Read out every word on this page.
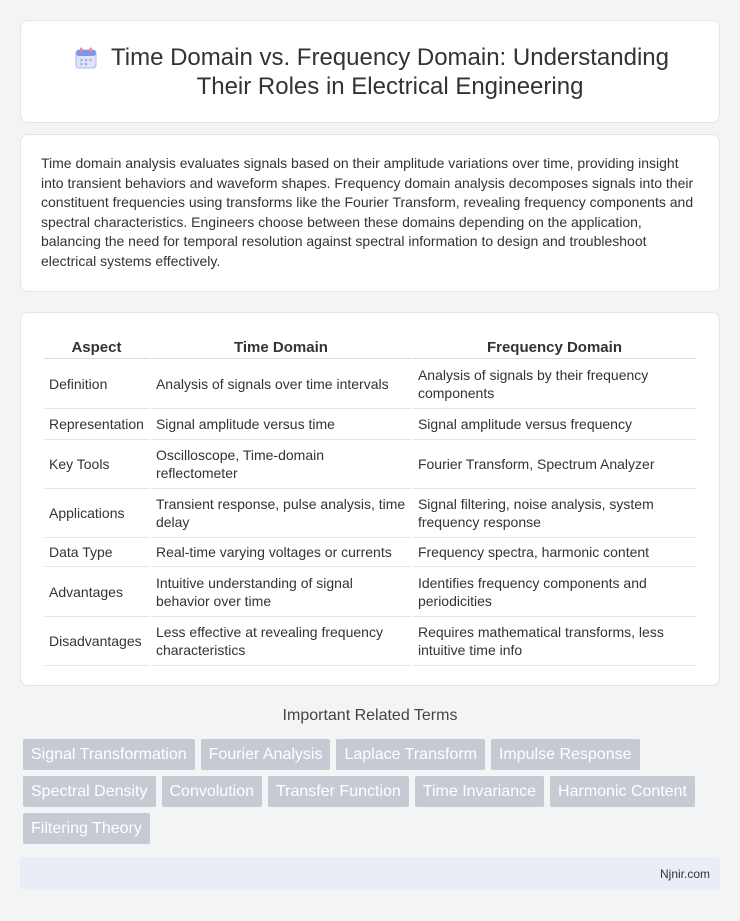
Time Domain vs. Frequency Domain: Understanding Their Roles in Electrical Engineering

Time domain analysis evaluates signals based on their amplitude variations over time, providing insight into transient behaviors and waveform shapes. Frequency domain analysis decomposes signals into their constituent frequencies using transforms like the Fourier Transform, revealing frequency components and spectral characteristics. Engineers choose between these domains depending on the application, balancing the need for temporal resolution against spectral information to design and troubleshoot electrical systems effectively.

Aspect	Time Domain	Frequency Domain
Definition	Analysis of signals over time intervals	Analysis of signals by their frequency components
Representation	Signal amplitude versus time	Signal amplitude versus frequency
Key Tools	Oscilloscope, Time-domain reflectometer	Fourier Transform, Spectrum Analyzer
Applications	Transient response, pulse analysis, time delay	Signal filtering, noise analysis, system frequency response
Data Type	Real-time varying voltages or currents	Frequency spectra, harmonic content
Advantages	Intuitive understanding of signal behavior over time	Identifies frequency components and periodicities
Disadvantages	Less effective at revealing frequency characteristics	Requires mathematical transforms, less intuitive time info
Important Related Terms
Signal Transformation	Fourier Analysis	Laplace Transform	Impulse Response
Spectral Density	Convolution	Transfer Function	Time Invariance	Harmonic Content
Filtering Theory
Njnir.com
